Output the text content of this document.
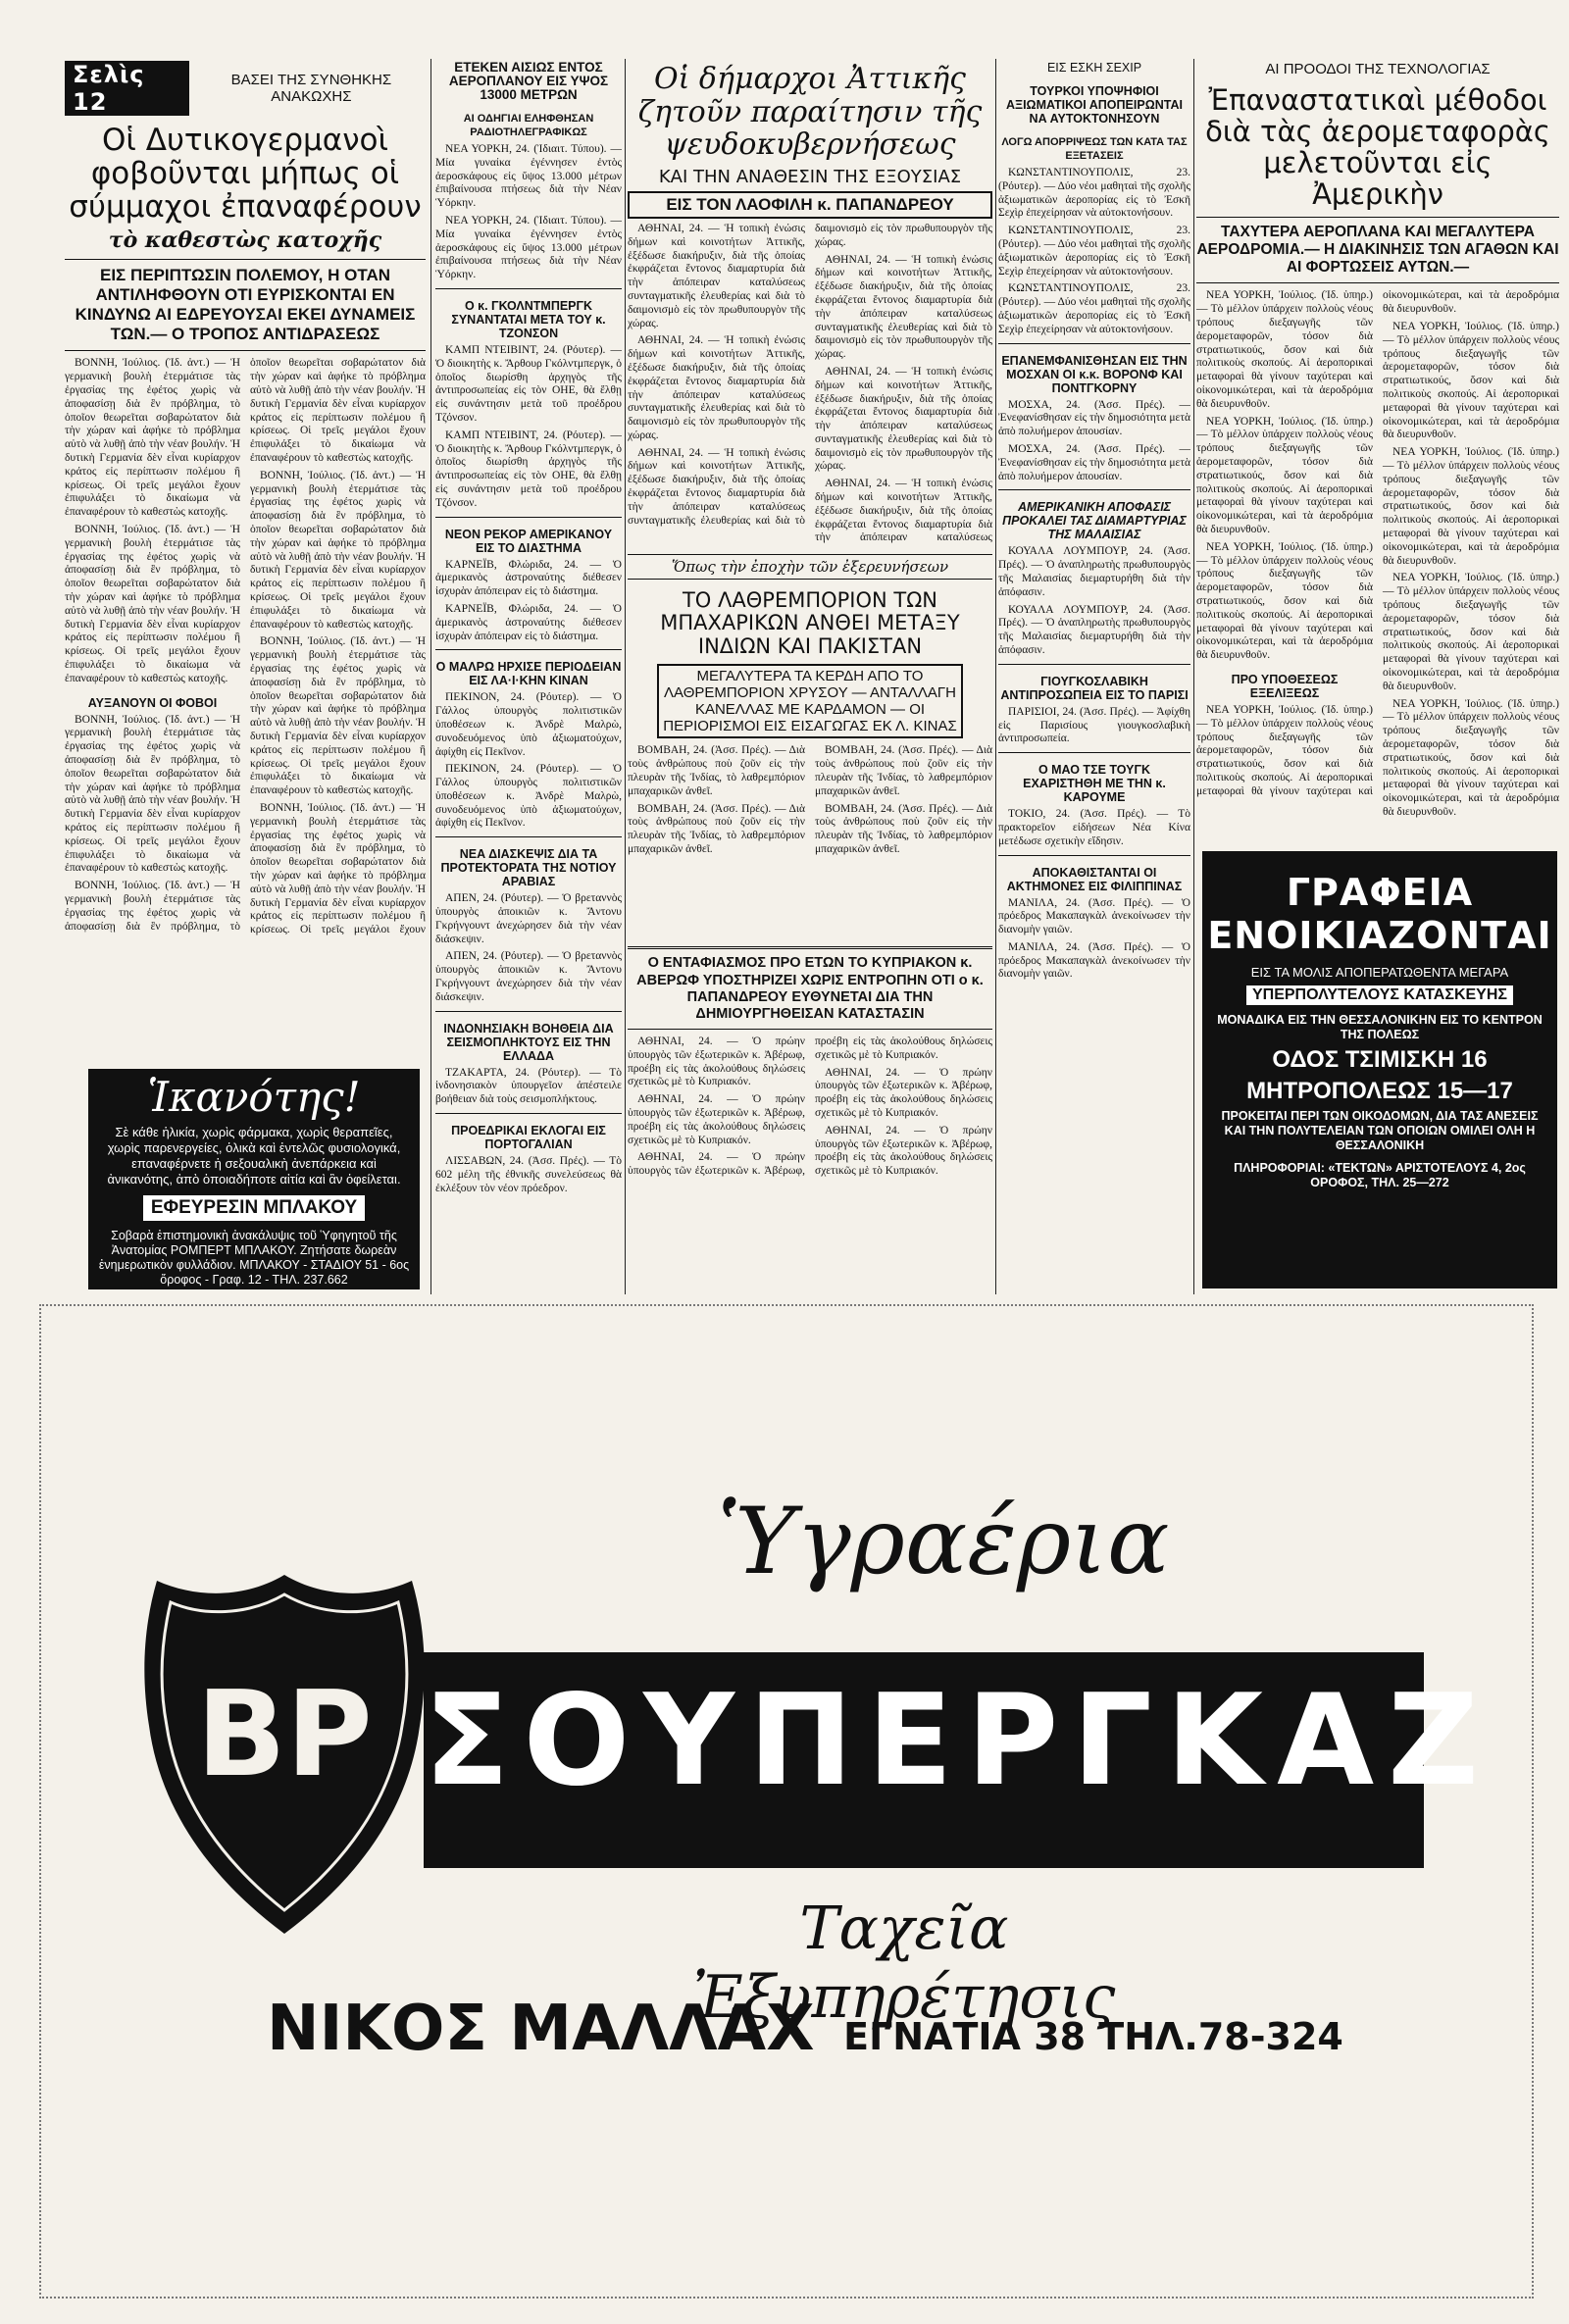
Σελὶς 12
ΒΑΣΕΙ ΤΗΣ ΣΥΝΘΗΚΗΣ ΑΝΑΚΩΧΗΣ
Οἱ Δυτικογερμανοὶ φοβοῦνται μήπως οἱ σύμμαχοι ἐπαναφέρουν
τὸ καθεστὼς κατοχῆς
ΕΙΣ ΠΕΡΙΠΤΩΣΙΝ ΠΟΛΕΜΟΥ, Η ΟΤΑΝ ΑΝΤΙΛΗΦΘΟΥΝ ΟΤΙ ΕΥΡΙΣΚΟΝΤΑΙ ΕΝ ΚΙΝΔΥΝΩ ΑΙ ΕΔΡΕΥΟΥΣΑΙ ΕΚΕΙ ΔΥΝΑΜΕΙΣ ΤΩΝ.— Ο ΤΡΟΠΟΣ ΑΝΤΙΔΡΑΣΕΩΣ

ΒΟΝΝΗ, Ἰούλιος. (Ἰδ. ἀντ.) — Ἡ γερμανικὴ βουλὴ ἐτερμάτισε τὰς ἐργασίας της ἐφέτος χωρὶς νὰ ἀποφασίσῃ διὰ ἓν πρόβλημα, τὸ ὁποῖον θεωρεῖται σοβαρώτατον διὰ τὴν χώραν καὶ ἀφήκε τὸ πρόβλημα αὐτὸ νὰ λυθῇ ἀπὸ τὴν νέαν βουλήν. Ἡ δυτικὴ Γερμανία δὲν εἶναι κυρίαρχον κράτος εἰς περίπτωσιν πολέμου ἢ κρίσεως. Οἱ τρεῖς μεγάλοι ἔχουν ἐπιφυλάξει τὸ δικαίωμα νὰ ἐπαναφέρουν τὸ καθεστὼς κατοχῆς.

ΒΟΝΝΗ, Ἰούλιος. (Ἰδ. ἀντ.) — Ἡ γερμανικὴ βουλὴ ἐτερμάτισε τὰς ἐργασίας της ἐφέτος χωρὶς νὰ ἀποφασίσῃ διὰ ἓν πρόβλημα, τὸ ὁποῖον θεωρεῖται σοβαρώτατον διὰ τὴν χώραν καὶ ἀφήκε τὸ πρόβλημα αὐτὸ νὰ λυθῇ ἀπὸ τὴν νέαν βουλήν. Ἡ δυτικὴ Γερμανία δὲν εἶναι κυρίαρχον κράτος εἰς περίπτωσιν πολέμου ἢ κρίσεως. Οἱ τρεῖς μεγάλοι ἔχουν ἐπιφυλάξει τὸ δικαίωμα νὰ ἐπαναφέρουν τὸ καθεστὼς κατοχῆς.

ΑΥΞΑΝΟΥΝ ΟΙ ΦΟΒΟΙ

ΒΟΝΝΗ, Ἰούλιος. (Ἰδ. ἀντ.) — Ἡ γερμανικὴ βουλὴ ἐτερμάτισε τὰς ἐργασίας της ἐφέτος χωρὶς νὰ ἀποφασίσῃ διὰ ἓν πρόβλημα, τὸ ὁποῖον θεωρεῖται σοβαρώτατον διὰ τὴν χώραν καὶ ἀφήκε τὸ πρόβλημα αὐτὸ νὰ λυθῇ ἀπὸ τὴν νέαν βουλήν. Ἡ δυτικὴ Γερμανία δὲν εἶναι κυρίαρχον κράτος εἰς περίπτωσιν πολέμου ἢ κρίσεως. Οἱ τρεῖς μεγάλοι ἔχουν ἐπιφυλάξει τὸ δικαίωμα νὰ ἐπαναφέρουν τὸ καθεστὼς κατοχῆς.

ΒΟΝΝΗ, Ἰούλιος. (Ἰδ. ἀντ.) — Ἡ γερμανικὴ βουλὴ ἐτερμάτισε τὰς ἐργασίας της ἐφέτος χωρὶς νὰ ἀποφασίσῃ διὰ ἓν πρόβλημα, τὸ ὁποῖον θεωρεῖται σοβαρώτατον διὰ τὴν χώραν καὶ ἀφήκε τὸ πρόβλημα αὐτὸ νὰ λυθῇ ἀπὸ τὴν νέαν βουλήν. Ἡ δυτικὴ Γερμανία δὲν εἶναι κυρίαρχον κράτος εἰς περίπτωσιν πολέμου ἢ κρίσεως. Οἱ τρεῖς μεγάλοι ἔχουν ἐπιφυλάξει τὸ δικαίωμα νὰ ἐπαναφέρουν τὸ καθεστὼς κατοχῆς.

ΒΟΝΝΗ, Ἰούλιος. (Ἰδ. ἀντ.) — Ἡ γερμανικὴ βουλὴ ἐτερμάτισε τὰς ἐργασίας της ἐφέτος χωρὶς νὰ ἀποφασίσῃ διὰ ἓν πρόβλημα, τὸ ὁποῖον θεωρεῖται σοβαρώτατον διὰ τὴν χώραν καὶ ἀφήκε τὸ πρόβλημα αὐτὸ νὰ λυθῇ ἀπὸ τὴν νέαν βουλήν. Ἡ δυτικὴ Γερμανία δὲν εἶναι κυρίαρχον κράτος εἰς περίπτωσιν πολέμου ἢ κρίσεως. Οἱ τρεῖς μεγάλοι ἔχουν ἐπιφυλάξει τὸ δικαίωμα νὰ ἐπαναφέρουν τὸ καθεστὼς κατοχῆς.

ΒΟΝΝΗ, Ἰούλιος. (Ἰδ. ἀντ.) — Ἡ γερμανικὴ βουλὴ ἐτερμάτισε τὰς ἐργασίας της ἐφέτος χωρὶς νὰ ἀποφασίσῃ διὰ ἓν πρόβλημα, τὸ ὁποῖον θεωρεῖται σοβαρώτατον διὰ τὴν χώραν καὶ ἀφήκε τὸ πρόβλημα αὐτὸ νὰ λυθῇ ἀπὸ τὴν νέαν βουλήν. Ἡ δυτικὴ Γερμανία δὲν εἶναι κυρίαρχον κράτος εἰς περίπτωσιν πολέμου ἢ κρίσεως. Οἱ τρεῖς μεγάλοι ἔχουν ἐπιφυλάξει τὸ δικαίωμα νὰ ἐπαναφέρουν τὸ καθεστὼς κατοχῆς.

ΒΟΝΝΗ, Ἰούλιος. (Ἰδ. ἀντ.) — Ἡ γερμανικὴ βουλὴ ἐτερμάτισε τὰς ἐργασίας της ἐφέτος χωρὶς νὰ ἀποφασίσῃ διὰ ἓν πρόβλημα, τὸ ὁποῖον θεωρεῖται σοβαρώτατον διὰ τὴν χώραν καὶ ἀφήκε τὸ πρόβλημα αὐτὸ νὰ λυθῇ ἀπὸ τὴν νέαν βουλήν. Ἡ δυτικὴ Γερμανία δὲν εἶναι κυρίαρχον κράτος εἰς περίπτωσιν πολέμου ἢ κρίσεως. Οἱ τρεῖς μεγάλοι ἔχουν

ΕΤΕΚΕΝ ΑΙΣΙΩΣ ΕΝΤΟΣ ΑΕΡΟΠΛΑΝΟΥ ΕΙΣ ΥΨΟΣ 13000 ΜΕΤΡΩΝ
ΑΙ ΟΔΗΓΙΑΙ ΕΛΗΦΘΗΣΑΝ ΡΑΔΙΟΤΗΛΕΓΡΑΦΙΚΩΣ

ΝΕΑ ΥΟΡΚΗ, 24. (Ἰδιαιτ. Τύπου). — Μία γυναίκα ἐγέννησεν ἐντὸς ἀεροσκάφους εἰς ὕψος 13.000 μέτρων ἐπιβαίνουσα πτήσεως διὰ τὴν Νέαν Ὑόρκην.

ΝΕΑ ΥΟΡΚΗ, 24. (Ἰδιαιτ. Τύπου). — Μία γυναίκα ἐγέννησεν ἐντὸς ἀεροσκάφους εἰς ὕψος 13.000 μέτρων ἐπιβαίνουσα πτήσεως διὰ τὴν Νέαν Ὑόρκην.

Ο κ. ΓΚΟΛΝΤΜΠΕΡΓΚ ΣΥΝΑΝΤΑΤΑΙ ΜΕΤΑ ΤΟΥ κ. ΤΖΟΝΣΟΝ

ΚΑΜΠ ΝΤΕΙΒΙΝΤ, 24. (Ρόυτερ). — Ὁ διοικητὴς κ. Ἄρθουρ Γκόλντμπεργκ, ὁ ὁποῖος διωρίσθη ἀρχηγὸς τῆς ἀντιπροσωπείας εἰς τὸν ΟΗΕ, θὰ ἔλθῃ εἰς συνάντησιν μετὰ τοῦ προέδρου Τζόνσον.

ΚΑΜΠ ΝΤΕΙΒΙΝΤ, 24. (Ρόυτερ). — Ὁ διοικητὴς κ. Ἄρθουρ Γκόλντμπεργκ, ὁ ὁποῖος διωρίσθη ἀρχηγὸς τῆς ἀντιπροσωπείας εἰς τὸν ΟΗΕ, θὰ ἔλθῃ εἰς συνάντησιν μετὰ τοῦ προέδρου Τζόνσον.

ΝΕΟΝ ΡΕΚΟΡ ΑΜΕΡΙΚΑΝΟΥ ΕΙΣ ΤΟ ΔΙΑΣΤΗΜΑ

ΚΑΡΝΕΪΒ, Φλώριδα, 24. — Ὁ ἀμερικανὸς ἀστροναύτης διέθεσεν ἰσχυρὰν ἀπόπειραν εἰς τὸ διάστημα.

ΚΑΡΝΕΪΒ, Φλώριδα, 24. — Ὁ ἀμερικανὸς ἀστροναύτης διέθεσεν ἰσχυρὰν ἀπόπειραν εἰς τὸ διάστημα.

Ο ΜΑΛΡΩ ΗΡΧΙΣΕ ΠΕΡΙΟΔΕΙΑΝ ΕΙΣ ΛΑ·Ι·ΚΗΝ ΚΙΝΑΝ

ΠΕΚΙΝΟΝ, 24. (Ρόυτερ). — Ὁ Γάλλος ὑπουργὸς πολιτιστικῶν ὑποθέσεων κ. Ἀνδρὲ Μαλρὼ, συνοδευόμενος ὑπὸ ἀξιωματούχων, ἀφίχθη εἰς Πεκῖνον.

ΠΕΚΙΝΟΝ, 24. (Ρόυτερ). — Ὁ Γάλλος ὑπουργὸς πολιτιστικῶν ὑποθέσεων κ. Ἀνδρὲ Μαλρὼ, συνοδευόμενος ὑπὸ ἀξιωματούχων, ἀφίχθη εἰς Πεκῖνον.

ΝΕΑ ΔΙΑΣΚΕΨΙΣ ΔΙΑ ΤΑ ΠΡΟΤΕΚΤΟΡΑΤΑ ΤΗΣ ΝΟΤΙΟΥ ΑΡΑΒΙΑΣ

ΑΠΕΝ, 24. (Ρόυτερ). — Ὁ βρεταννὸς ὑπουργὸς ἀποικιῶν κ. Ἄντονυ Γκρήνγουντ ἀνεχώρησεν διὰ τὴν νέαν διάσκεψιν.

ΑΠΕΝ, 24. (Ρόυτερ). — Ὁ βρεταννὸς ὑπουργὸς ἀποικιῶν κ. Ἄντονυ Γκρήνγουντ ἀνεχώρησεν διὰ τὴν νέαν διάσκεψιν.

ΙΝΔΟΝΗΣΙΑΚΗ ΒΟΗΘΕΙΑ ΔΙΑ ΣΕΙΣΜΟΠΛΗΚΤΟΥΣ ΕΙΣ ΤΗΝ ΕΛΛΑΔΑ

ΤΖΑΚΑΡΤΑ, 24. (Ρόυτερ). — Τὸ ἰνδονησιακὸν ὑπουργεῖον ἀπέστειλε βοήθειαν διὰ τοὺς σεισμοπλήκτους.

ΠΡΟΕΔΡΙΚΑΙ ΕΚΛΟΓΑΙ ΕΙΣ ΠΟΡΤΟΓΑΛΙΑΝ

ΛΙΣΣΑΒΩΝ, 24. (Ἀσσ. Πρές). — Τὸ 602 μέλη τῆς ἐθνικῆς συνελεύσεως θὰ ἐκλέξουν τὸν νέον πρόεδρον.

Οἱ δήμαρχοι Ἀττικῆς ζητοῦν παραίτησιν τῆς ψευδοκυβερνήσεως
ΚΑΙ ΤΗΝ ΑΝΑΘΕΣΙΝ ΤΗΣ ΕΞΟΥΣΙΑΣ
ΕΙΣ ΤΟΝ ΛΑΟΦΙΛΗ κ. ΠΑΠΑΝΔΡΕΟΥ

ΑΘΗΝΑΙ, 24. — Ἡ τοπικὴ ἐνώσις δήμων καὶ κοινοτήτων Ἀττικῆς, ἐξέδωσε διακήρυξιν, διὰ τῆς ὁποίας ἐκφράζεται ἔντονος διαμαρτυρία διὰ τὴν ἀπόπειραν καταλύσεως συνταγματικῆς ἐλευθερίας καὶ διὰ τὸ δαιμονισμὸ εἰς τὸν πρωθυπουργὸν τῆς χώρας.

ΑΘΗΝΑΙ, 24. — Ἡ τοπικὴ ἐνώσις δήμων καὶ κοινοτήτων Ἀττικῆς, ἐξέδωσε διακήρυξιν, διὰ τῆς ὁποίας ἐκφράζεται ἔντονος διαμαρτυρία διὰ τὴν ἀπόπειραν καταλύσεως συνταγματικῆς ἐλευθερίας καὶ διὰ τὸ δαιμονισμὸ εἰς τὸν πρωθυπουργὸν τῆς χώρας.

ΑΘΗΝΑΙ, 24. — Ἡ τοπικὴ ἐνώσις δήμων καὶ κοινοτήτων Ἀττικῆς, ἐξέδωσε διακήρυξιν, διὰ τῆς ὁποίας ἐκφράζεται ἔντονος διαμαρτυρία διὰ τὴν ἀπόπειραν καταλύσεως συνταγματικῆς ἐλευθερίας καὶ διὰ τὸ δαιμονισμὸ εἰς τὸν πρωθυπουργὸν τῆς χώρας.

ΑΘΗΝΑΙ, 24. — Ἡ τοπικὴ ἐνώσις δήμων καὶ κοινοτήτων Ἀττικῆς, ἐξέδωσε διακήρυξιν, διὰ τῆς ὁποίας ἐκφράζεται ἔντονος διαμαρτυρία διὰ τὴν ἀπόπειραν καταλύσεως συνταγματικῆς ἐλευθερίας καὶ διὰ τὸ δαιμονισμὸ εἰς τὸν πρωθυπουργὸν τῆς χώρας.

ΑΘΗΝΑΙ, 24. — Ἡ τοπικὴ ἐνώσις δήμων καὶ κοινοτήτων Ἀττικῆς, ἐξέδωσε διακήρυξιν, διὰ τῆς ὁποίας ἐκφράζεται ἔντονος διαμαρτυρία διὰ τὴν ἀπόπειραν καταλύσεως συνταγματικῆς ἐλευθερίας καὶ διὰ τὸ δαιμονισμὸ εἰς τὸν πρωθυπουργὸν τῆς χώρας.

ΑΘΗΝΑΙ, 24. — Ἡ τοπικὴ ἐνώσις δήμων καὶ κοινοτήτων Ἀττικῆς, ἐξέδωσε διακήρυξιν, διὰ τῆς ὁποίας ἐκφράζεται ἔντονος διαμαρτυρία διὰ τὴν ἀπόπειραν καταλύσεως

Ὅπως τὴν ἐποχὴν τῶν ἐξερευνήσεων
ΤΟ ΛΑΘΡΕΜΠΟΡΙΟΝ ΤΩΝ ΜΠΑΧΑΡΙΚΩΝ ΑΝΘΕΙ ΜΕΤΑΞΥ ΙΝΔΙΩΝ ΚΑΙ ΠΑΚΙΣΤΑΝ
ΜΕΓΑΛΥΤΕΡΑ ΤΑ ΚΕΡΔΗ ΑΠΟ ΤΟ ΛΑΘΡΕΜΠΟΡΙΟΝ ΧΡΥΣΟΥ — ΑΝΤΑΛΛΑΓΗ ΚΑΝΕΛΛΑΣ ΜΕ ΚΑΡΔΑΜΟΝ — ΟΙ ΠΕΡΙΟΡΙΣΜΟΙ ΕΙΣ ΕΙΣΑΓΩΓΑΣ ΕΚ Λ. ΚΙΝΑΣ

ΒΟΜΒΑΗ, 24. (Ἀσσ. Πρές). — Διὰ τοὺς ἀνθρώπους ποὺ ζοῦν εἰς τὴν πλευρὰν τῆς Ἰνδίας, τὸ λαθρεμπόριον μπαχαρικῶν ἀνθεῖ.

ΒΟΜΒΑΗ, 24. (Ἀσσ. Πρές). — Διὰ τοὺς ἀνθρώπους ποὺ ζοῦν εἰς τὴν πλευρὰν τῆς Ἰνδίας, τὸ λαθρεμπόριον μπαχαρικῶν ἀνθεῖ.

ΒΟΜΒΑΗ, 24. (Ἀσσ. Πρές). — Διὰ τοὺς ἀνθρώπους ποὺ ζοῦν εἰς τὴν πλευρὰν τῆς Ἰνδίας, τὸ λαθρεμπόριον μπαχαρικῶν ἀνθεῖ.

ΒΟΜΒΑΗ, 24. (Ἀσσ. Πρές). — Διὰ τοὺς ἀνθρώπους ποὺ ζοῦν εἰς τὴν πλευρὰν τῆς Ἰνδίας, τὸ λαθρεμπόριον μπαχαρικῶν ἀνθεῖ.

Ο ΕΝΤΑΦΙΑΣΜΟΣ ΠΡΟ ΕΤΩΝ ΤΟ ΚΥΠΡΙΑΚΟΝ κ. ΑΒΕΡΩΦ ΥΠΟΣΤΗΡΙΖΕΙ ΧΩΡΙΣ ΕΝΤΡΟΠΗΝ ΟΤΙ ο κ. ΠΑΠΑΝΔΡΕΟΥ ΕΥΘΥΝΕΤΑΙ ΔΙΑ ΤΗΝ ΔΗΜΙΟΥΡΓΗΘΕΙΣΑΝ ΚΑΤΑΣΤΑΣΙΝ

ΑΘΗΝΑΙ, 24. — Ὁ πρώην ὑπουργὸς τῶν ἐξωτερικῶν κ. Ἀβέρωφ, προέβη εἰς τὰς ἀκολούθους δηλώσεις σχετικῶς μὲ τὸ Κυπριακόν.

ΑΘΗΝΑΙ, 24. — Ὁ πρώην ὑπουργὸς τῶν ἐξωτερικῶν κ. Ἀβέρωφ, προέβη εἰς τὰς ἀκολούθους δηλώσεις σχετικῶς μὲ τὸ Κυπριακόν.

ΑΘΗΝΑΙ, 24. — Ὁ πρώην ὑπουργὸς τῶν ἐξωτερικῶν κ. Ἀβέρωφ, προέβη εἰς τὰς ἀκολούθους δηλώσεις σχετικῶς μὲ τὸ Κυπριακόν.

ΑΘΗΝΑΙ, 24. — Ὁ πρώην ὑπουργὸς τῶν ἐξωτερικῶν κ. Ἀβέρωφ, προέβη εἰς τὰς ἀκολούθους δηλώσεις σχετικῶς μὲ τὸ Κυπριακόν.

ΑΘΗΝΑΙ, 24. — Ὁ πρώην ὑπουργὸς τῶν ἐξωτερικῶν κ. Ἀβέρωφ, προέβη εἰς τὰς ἀκολούθους δηλώσεις σχετικῶς μὲ τὸ Κυπριακόν.

ΕΙΣ ΕΣΚΗ ΣΕΧΙΡ
ΤΟΥΡΚΟΙ ΥΠΟΨΗΦΙΟΙ ΑΞΙΩΜΑΤΙΚΟΙ ΑΠΟΠΕΙΡΩΝΤΑΙ ΝΑ ΑΥΤΟΚΤΟΝΗΣΟΥΝ
ΛΟΓΩ ΑΠΟΡΡΙΨΕΩΣ ΤΩΝ ΚΑΤΑ ΤΑΣ ΕΞΕΤΑΣΕΙΣ

ΚΩΝΣΤΑΝΤΙΝΟΥΠΟΛΙΣ, 23. (Ρόυτερ). — Δύο νέοι μαθηταὶ τῆς σχολῆς ἀξιωματικῶν ἀεροπορίας εἰς τὸ Ἐσκῆ Σεχὶρ ἐπεχείρησαν νὰ αὐτοκτονήσουν.

ΚΩΝΣΤΑΝΤΙΝΟΥΠΟΛΙΣ, 23. (Ρόυτερ). — Δύο νέοι μαθηταὶ τῆς σχολῆς ἀξιωματικῶν ἀεροπορίας εἰς τὸ Ἐσκῆ Σεχὶρ ἐπεχείρησαν νὰ αὐτοκτονήσουν.

ΚΩΝΣΤΑΝΤΙΝΟΥΠΟΛΙΣ, 23. (Ρόυτερ). — Δύο νέοι μαθηταὶ τῆς σχολῆς ἀξιωματικῶν ἀεροπορίας εἰς τὸ Ἐσκῆ Σεχὶρ ἐπεχείρησαν νὰ αὐτοκτονήσουν.

ΕΠΑΝΕΜΦΑΝΙΣΘΗΣΑΝ ΕΙΣ ΤΗΝ ΜΟΣΧΑΝ ΟΙ κ.κ. ΒΟΡΟΝΦ ΚΑΙ ΠΟΝΤΓΚΟΡΝΥ

ΜΟΣΧΑ, 24. (Ἀσσ. Πρές). — Ἐνεφανίσθησαν εἰς τὴν δημοσιότητα μετὰ ἀπὸ πολυήμερον ἀπουσίαν.

ΜΟΣΧΑ, 24. (Ἀσσ. Πρές). — Ἐνεφανίσθησαν εἰς τὴν δημοσιότητα μετὰ ἀπὸ πολυήμερον ἀπουσίαν.

ΑΜΕΡΙΚΑΝΙΚΗ ΑΠΟΦΑΣΙΣ ΠΡΟΚΑΛΕΙ ΤΑΣ ΔΙΑΜΑΡΤΥΡΙΑΣ ΤΗΣ ΜΑΛΑΙΣΙΑΣ

ΚΟΥΑΛΑ ΛΟΥΜΠΟΥΡ, 24. (Ἀσσ. Πρές). — Ὁ ἀναπληρωτὴς πρωθυπουργὸς τῆς Μαλαισίας διεμαρτυρήθη διὰ τὴν ἀπόφασιν.

ΚΟΥΑΛΑ ΛΟΥΜΠΟΥΡ, 24. (Ἀσσ. Πρές). — Ὁ ἀναπληρωτὴς πρωθυπουργὸς τῆς Μαλαισίας διεμαρτυρήθη διὰ τὴν ἀπόφασιν.

ΓΙΟΥΓΚΟΣΛΑΒΙΚΗ ΑΝΤΙΠΡΟΣΩΠΕΙΑ ΕΙΣ ΤΟ ΠΑΡΙΣΙ

ΠΑΡΙΣΙΟΙ, 24. (Ἀσσ. Πρές). — Ἀφίχθη εἰς Παρισίους γιουγκοσλαβικὴ ἀντιπροσωπεία.

Ο ΜΑΟ ΤΣΕ ΤΟΥΓΚ ΕΧΑΡΙΣΤΗΘΗ ΜΕ ΤΗΝ κ. ΚΑΡΟΥΜΕ

ΤΟΚΙΟ, 24. (Ἀσσ. Πρές). — Τὸ πρακτορεῖον εἰδήσεων Νέα Κίνα μετέδωσε σχετικὴν εἴδησιν.

ΑΠΟΚΑΘΙΣΤΑΝΤΑΙ ΟΙ ΑΚΤΗΜΟΝΕΣ ΕΙΣ ΦΙΛΙΠΠΙΝΑΣ

ΜΑΝΙΛΑ, 24. (Ἀσσ. Πρές). — Ὁ πρόεδρος Μακαπαγκὰλ ἀνεκοίνωσεν τὴν διανομὴν γαιῶν.

ΜΑΝΙΛΑ, 24. (Ἀσσ. Πρές). — Ὁ πρόεδρος Μακαπαγκὰλ ἀνεκοίνωσεν τὴν διανομὴν γαιῶν.

ΑΙ ΠΡΟΟΔΟΙ ΤΗΣ ΤΕΧΝΟΛΟΓΙΑΣ
Ἐπαναστατικαὶ μέθοδοι διὰ τὰς ἀερομεταφορὰς μελετοῦνται εἰς Ἀμερικὴν
ΤΑΧΥΤΕΡΑ ΑΕΡΟΠΛΑΝΑ ΚΑΙ ΜΕΓΑΛΥΤΕΡΑ ΑΕΡΟΔΡΟΜΙΑ.— Η ΔΙΑΚΙΝΗΣΙΣ ΤΩΝ ΑΓΑΘΩΝ ΚΑΙ ΑΙ ΦΟΡΤΩΣΕΙΣ ΑΥΤΩΝ.—

ΝΕΑ ΥΟΡΚΗ, Ἰούλιος. (Ἰδ. ὑπηρ.) — Τὸ μέλλον ὑπάρχειν πολλοὺς νέους τρόπους διεξαγωγῆς τῶν ἀερομεταφορῶν, τόσον διὰ στρατιωτικούς, ὅσον καὶ διὰ πολιτικοὺς σκοπούς. Αἱ ἀεροπορικαὶ μεταφοραὶ θὰ γίνουν ταχύτεραι καὶ οἰκονομικώτεραι, καὶ τὰ ἀεροδρόμια θὰ διευρυνθοῦν.

ΝΕΑ ΥΟΡΚΗ, Ἰούλιος. (Ἰδ. ὑπηρ.) — Τὸ μέλλον ὑπάρχειν πολλοὺς νέους τρόπους διεξαγωγῆς τῶν ἀερομεταφορῶν, τόσον διὰ στρατιωτικούς, ὅσον καὶ διὰ πολιτικοὺς σκοπούς. Αἱ ἀεροπορικαὶ μεταφοραὶ θὰ γίνουν ταχύτεραι καὶ οἰκονομικώτεραι, καὶ τὰ ἀεροδρόμια θὰ διευρυνθοῦν.

ΝΕΑ ΥΟΡΚΗ, Ἰούλιος. (Ἰδ. ὑπηρ.) — Τὸ μέλλον ὑπάρχειν πολλοὺς νέους τρόπους διεξαγωγῆς τῶν ἀερομεταφορῶν, τόσον διὰ στρατιωτικούς, ὅσον καὶ διὰ πολιτικοὺς σκοπούς. Αἱ ἀεροπορικαὶ μεταφοραὶ θὰ γίνουν ταχύτεραι καὶ οἰκονομικώτεραι, καὶ τὰ ἀεροδρόμια θὰ διευρυνθοῦν.

ΠΡΟ ΥΠΟΘΕΣΕΩΣ ΕΞΕΛΙΞΕΩΣ

ΝΕΑ ΥΟΡΚΗ, Ἰούλιος. (Ἰδ. ὑπηρ.) — Τὸ μέλλον ὑπάρχειν πολλοὺς νέους τρόπους διεξαγωγῆς τῶν ἀερομεταφορῶν, τόσον διὰ στρατιωτικούς, ὅσον καὶ διὰ πολιτικοὺς σκοπούς. Αἱ ἀεροπορικαὶ μεταφοραὶ θὰ γίνουν ταχύτεραι καὶ οἰκονομικώτεραι, καὶ τὰ ἀεροδρόμια θὰ διευρυνθοῦν.

ΝΕΑ ΥΟΡΚΗ, Ἰούλιος. (Ἰδ. ὑπηρ.) — Τὸ μέλλον ὑπάρχειν πολλοὺς νέους τρόπους διεξαγωγῆς τῶν ἀερομεταφορῶν, τόσον διὰ στρατιωτικούς, ὅσον καὶ διὰ πολιτικοὺς σκοπούς. Αἱ ἀεροπορικαὶ μεταφοραὶ θὰ γίνουν ταχύτεραι καὶ οἰκονομικώτεραι, καὶ τὰ ἀεροδρόμια θὰ διευρυνθοῦν.

ΝΕΑ ΥΟΡΚΗ, Ἰούλιος. (Ἰδ. ὑπηρ.) — Τὸ μέλλον ὑπάρχειν πολλοὺς νέους τρόπους διεξαγωγῆς τῶν ἀερομεταφορῶν, τόσον διὰ στρατιωτικούς, ὅσον καὶ διὰ πολιτικοὺς σκοπούς. Αἱ ἀεροπορικαὶ μεταφοραὶ θὰ γίνουν ταχύτεραι καὶ οἰκονομικώτεραι, καὶ τὰ ἀεροδρόμια θὰ διευρυνθοῦν.

ΝΕΑ ΥΟΡΚΗ, Ἰούλιος. (Ἰδ. ὑπηρ.) — Τὸ μέλλον ὑπάρχειν πολλοὺς νέους τρόπους διεξαγωγῆς τῶν ἀερομεταφορῶν, τόσον διὰ στρατιωτικούς, ὅσον καὶ διὰ πολιτικοὺς σκοπούς. Αἱ ἀεροπορικαὶ μεταφοραὶ θὰ γίνουν ταχύτεραι καὶ οἰκονομικώτεραι, καὶ τὰ ἀεροδρόμια θὰ διευρυνθοῦν.

ΝΕΑ ΥΟΡΚΗ, Ἰούλιος. (Ἰδ. ὑπηρ.) — Τὸ μέλλον ὑπάρχειν πολλοὺς νέους τρόπους διεξαγωγῆς τῶν ἀερομεταφορῶν, τόσον διὰ στρατιωτικούς, ὅσον καὶ διὰ πολιτικοὺς σκοπούς. Αἱ ἀεροπορικαὶ μεταφοραὶ θὰ γίνουν ταχύτεραι καὶ οἰκονομικώτεραι, καὶ τὰ ἀεροδρόμια θὰ διευρυνθοῦν.

Ἱκανότης!
Σὲ κάθε ἡλικία, χωρὶς φάρμακα, χωρὶς θεραπεῖες, χωρὶς παρενεργείες, ὁλικὰ καὶ ἐντελῶς φυσιολογικά, επαναφέρνετε ἡ σεξουαλικὴ ἀνεπάρκεια καὶ ἀνικανότης, ἀπὸ ὁποιαδήποτε αἰτία καὶ ἂν ὀφείλεται.
ΕΦΕΥΡΕΣΙΝ ΜΠΛΑΚΟΥ
Σοβαρὰ ἐπιστημονικὴ ἀνακάλυψις τοῦ Ὑφηγητοῦ τῆς Ἀνατομίας ΡΟΜΠΕΡΤ ΜΠΛΑΚΟΥ. Ζητήσατε δωρεὰν ἐνημερωτικὸν φυλλάδιον. ΜΠΛΑΚΟΥ - ΣΤΑΔΙΟΥ 51 - 6ος ὄροφος - Γραφ. 12 - ΤΗΛ. 237.662
ΓΡΑΦΕΙΑ ΕΝΟΙΚΙΑΖΟΝΤΑΙ
ΕΙΣ ΤΑ ΜΟΛΙΣ ΑΠΟΠΕΡΑΤΩΘΕΝΤΑ ΜΕΓΑΡΑ
ΥΠΕΡΠΟΛΥΤΕΛΟΥΣ ΚΑΤΑΣΚΕΥΗΣ
ΜΟΝΑΔΙΚΑ ΕΙΣ ΤΗΝ ΘΕΣΣΑΛΟΝΙΚΗΝ ΕΙΣ ΤΟ ΚΕΝΤΡΟΝ ΤΗΣ ΠΟΛΕΩΣ
ΟΔΟΣ ΤΣΙΜΙΣΚΗ 16
ΜΗΤΡΟΠΟΛΕΩΣ 15—17
ΠΡΟΚΕΙΤΑΙ ΠΕΡΙ ΤΩΝ ΟΙΚΟΔΟΜΩΝ, ΔΙΑ ΤΑΣ ΑΝΕΣΕΙΣ ΚΑΙ ΤΗΝ ΠΟΛΥΤΕΛΕΙΑΝ ΤΩΝ ΟΠΟΙΩΝ ΟΜΙΛΕΙ ΟΛΗ Η ΘΕΣΣΑΛΟΝΙΚΗ
ΠΛΗΡΟΦΟΡΙΑΙ: «ΤΕΚΤΩΝ» ΑΡΙΣΤΟΤΕΛΟΥΣ 4, 2ος ΟΡΟΦΟΣ, ΤΗΛ. 25—272
BP
Ὑγραέρια
ΣΟΥΠΕΡΓΚΑΖ
Ταχεῖα Ἐξυπηρέτησις
ΝΙΚΟΣ ΜΑΛΛΑΧ ΕΓΝΑΤΙΑ 38 ΤΗΛ.78-324
